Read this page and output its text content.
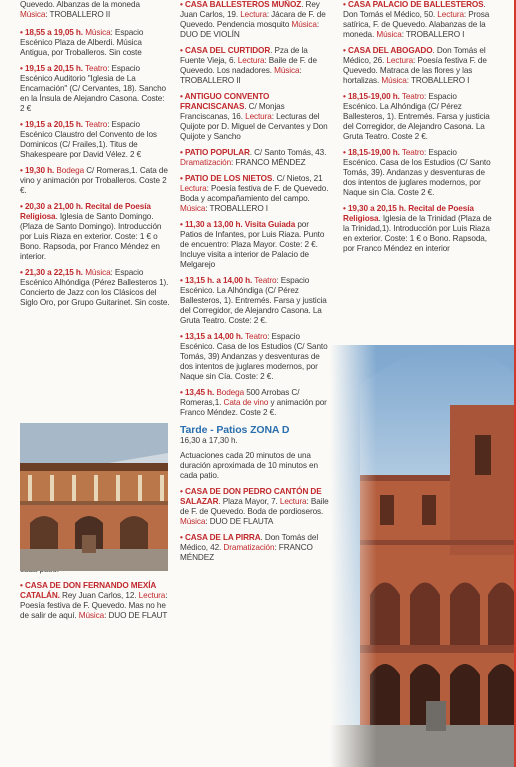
Quevedo. Albanzas de la moneda
Música: TROBALLERO II
• 18,55 a 19,05 h. Música: Espacio Escénico Plaza de Alberdi. Música Antigua, por Troballeros. Sin coste
• 19,15 a 20,15 h. Teatro: Espacio Escénico Auditorio "Iglesia de La Encarnación" (C/ Cervantes, 18). Sancho en la Ínsula de Alejandro Casona. Coste: 2 €
• 19,15 a 20,15 h. Teatro: Espacio Escénico Claustro del Convento de los Dominicos (C/ Frailes,1). Titus de Shakespeare por David Vélez. 2 €
• 19,30 h. Bodega C/ Romeras,1. Cata de vino y animación por Troballeros. Coste 2 €.
• 20,30 a 21,00 h. Recital de Poesía Religiosa. Iglesia de Santo Domingo. (Plaza de Santo Domingo). Introducción por Luis Riaza en exterior. Coste: 1 € o Bono. Rapsoda, por Franco Méndez en interior.
• 21,30 a 22,15 h. Música: Espacio Escénico Alhóndiga (Pérez Ballesteros 1). Concierto de Jazz con los Clásicos del Siglo Oro, por Grupo Guitarinet. Sin coste.
• CASA DE DON FERNANDO MEXÍA CATALÁN. Rey Juan Carlos, 12. Lectura: Poesía festiva de F. Quevedo. Mas no he de salir de aquí. Música: DUO DE FLAUT
• CASA BALLESTEROS MUÑOZ. Rey Juan Carlos, 19. Lectura: Jácara de F. de Quevedo. Pendencia mosquito Música: DUO DE VIOLÍN
• CASA DEL CURTIDOR. Pza de la Fuente Vieja, 6. Lectura: Baile de F. de Quevedo. Los nadadores. Música: TROBALLERO II
• ANTIGUO CONVENTO FRANCISCANAS. C/ Monjas Franciscanas, 16. Lectura: Lecturas del Quijote por D. Miguel de Cervantes y Don Quijote y Sancho
• PATIO POPULAR. C/ Santo Tomás, 43. Dramatización: FRANCO MÉNDEZ
• PATIO DE LOS NIETOS. C/ Nietos, 21 Lectura: Poesía festiva de F. de Quevedo. Boda y acompañamiento del campo. Música: TROBALLERO I
• 11,30 a 13,00 h. Visita Guiada por Patios de Infantes, por Luis Riaza. Punto de encuentro: Plaza Mayor. Coste: 2 €. Incluye visita a interior de Palacio de Melgarejo
• 13,15 h. a 14,00 h. Teatro: Espacio Escénico. La Alhóndiga (C/ Pérez Ballesteros, 1). Entremés. Farsa y justicia del Corregidor, de Alejandro Casona. La Gruta Teatro. Coste: 2 €.
• 13,15 a 14,00 h. Teatro: Espacio Escénico. Casa de los Estudios (C/ Santo Tomás, 39) Andanzas y desventuras de dos intentos de juglares modernos, por Naque sin Cía. Coste: 2 €.
• 13,45 h. Bodega 500 Arrobas C/ Romeras,1. Cata de vino y animación por Franco Méndez. Coste 2 €.
Tarde - Patios ZONA D
16,30 a 17,30 h.
Actuaciones cada 20 minutos de una duración aproximada de 10 minutos en cada patio.
• CASA DE DON PEDRO CANTÓN DE SALAZAR. Plaza Mayor, 7. Lectura: Baile de F. de Quevedo. Boda de pordioseros. Música: DUO DE FLAUTA
• CASA DE LA PIRRA. Don Tomás del Médico, 42. Dramatización: FRANCO MÉNDEZ
• CASA PALACIO DE BALLESTEROS. Don Tomás el Médico, 50. Lectura: Prosa satírica, F. de Quevedo. Alabanzas de la moneda. Música: TROBALLERO I
• CASA DEL ABOGADO. Don Tomás el Médico, 26. Lectura: Poesía festiva F. de Quevedo. Matraca de las flores y las hortalizas. Música: TROBALLERO I
• 18,15-19,00 h. Teatro: Espacio Escénico. La Alhóndiga (C/ Pérez Ballesteros, 1). Entremés. Farsa y justicia del Corregidor, de Alejandro Casona. La Gruta Teatro. Coste 2 €.
• 18,15-19,00 h. Teatro: Espacio Escénico. Casa de los Estudios (C/ Santo Tomás, 39). Andanzas y desventuras de dos intentos de juglares modernos, por Naque sin Cía. Coste 2 €.
• 19,30 a 20,15 h. Recital de Poesía Religiosa. Iglesia de la Trinidad (Plaza de la Trinidad,1). Introducción por Luis Riaza en exterior. Coste: 1 € o Bono. Rapsoda, por Franco Méndez en interior
